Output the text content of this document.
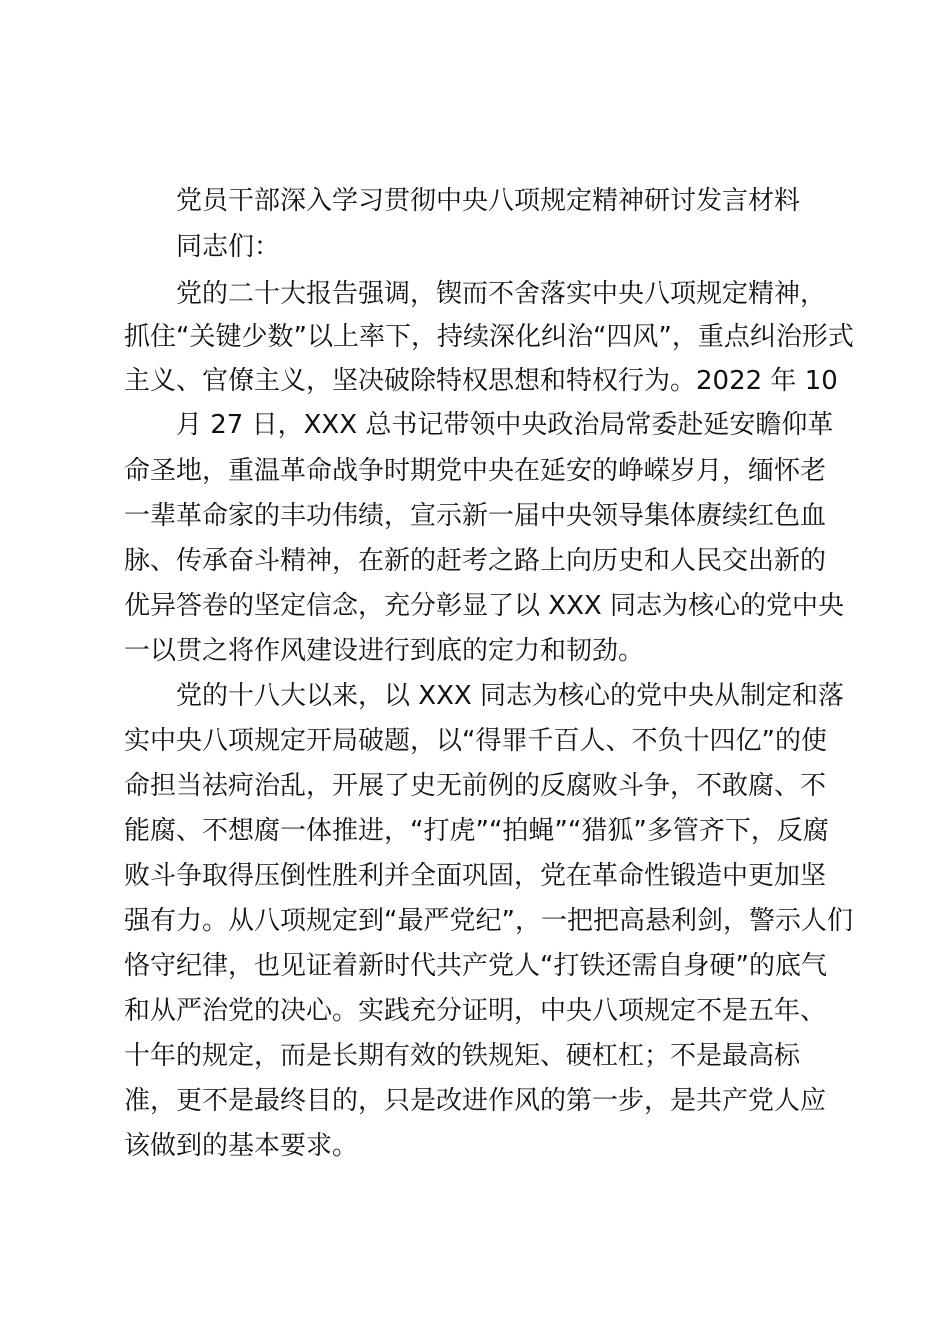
党员干部深入学习贯彻中央八项规定精神研讨发言材料
同志们：
党的二十大报告强调，锲而不舍落实中央八项规定精神，
抓住“关键少数”以上率下，持续深化纠治“四风”，重点纠治形式
主义、官僚主义，坚决破除特权思想和特权行为。2022 年 10
月 27 日，XXX 总书记带领中央政治局常委赴延安瞻仰革
命圣地，重温革命战争时期党中央在延安的峥嵘岁月，缅怀老
一辈革命家的丰功伟绩，宣示新一届中央领导集体赓续红色血
脉、传承奋斗精神，在新的赶考之路上向历史和人民交出新的
优异答卷的坚定信念，充分彰显了以 XXX 同志为核心的党中央
一以贯之将作风建设进行到底的定力和韧劲。
党的十八大以来，以 XXX 同志为核心的党中央从制定和落
实中央八项规定开局破题，以“得罪千百人、不负十四亿”的使
命担当祛疴治乱，开展了史无前例的反腐败斗争，不敢腐、不
能腐、不想腐一体推进，“打虎”“拍蝇”“猎狐”多管齐下，反腐
败斗争取得压倒性胜利并全面巩固，党在革命性锻造中更加坚
强有力。从八项规定到“最严党纪”，一把把高悬利剑，警示人们
恪守纪律，也见证着新时代共产党人“打铁还需自身硬”的底气
和从严治党的决心。实践充分证明，中央八项规定不是五年、
十年的规定，而是长期有效的铁规矩、硬杠杠；不是最高标
准，更不是最终目的，只是改进作风的第一步，是共产党人应
该做到的基本要求。
